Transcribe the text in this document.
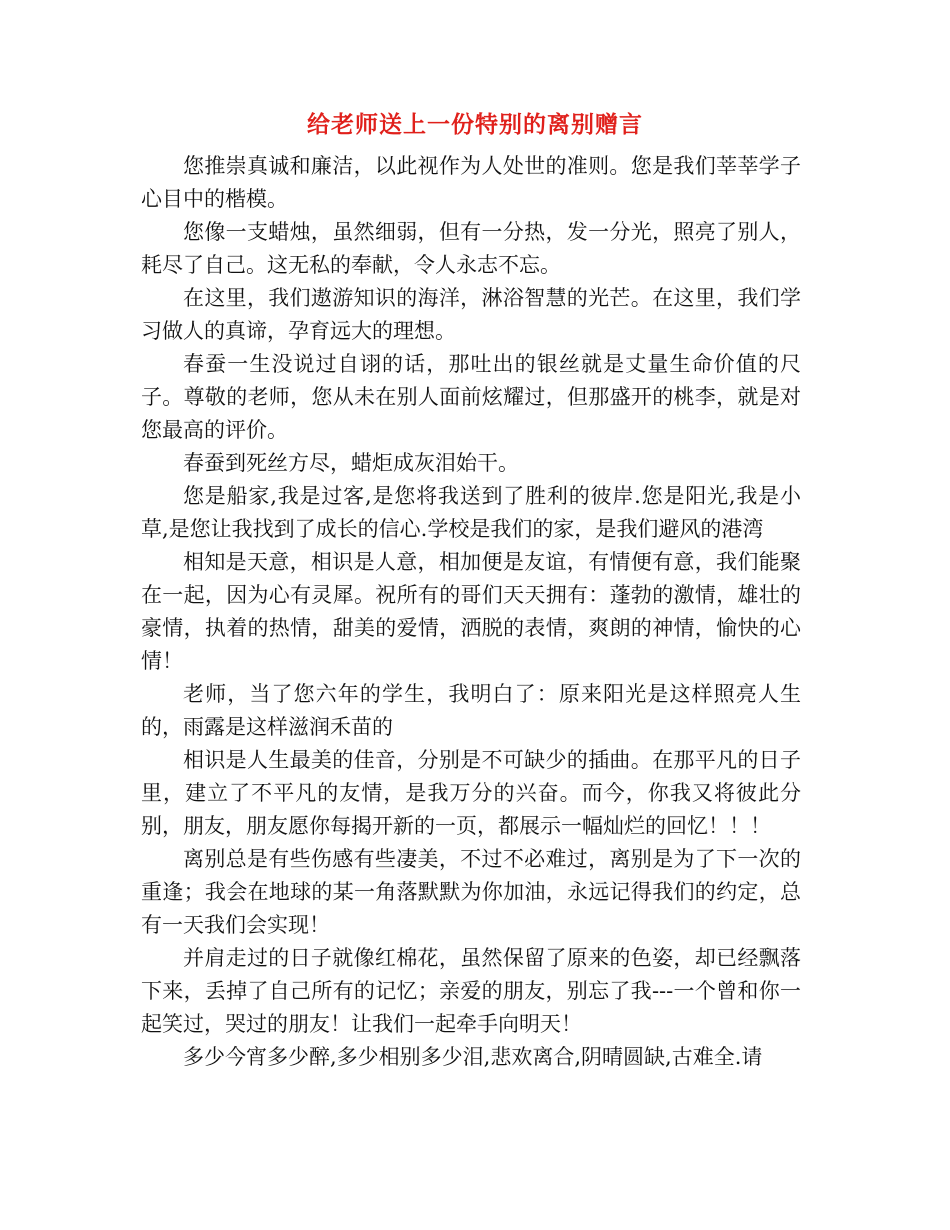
给老师送上一份特别的离别赠言

您推崇真诚和廉洁，以此视作为人处世的准则。您是我们莘莘学子心目中的楷模。

您像一支蜡烛，虽然细弱，但有一分热，发一分光，照亮了别人，耗尽了自己。这无私的奉献，令人永志不忘。

在这里，我们遨游知识的海洋，淋浴智慧的光芒。在这里，我们学习做人的真谛，孕育远大的理想。

春蚕一生没说过自诩的话，那吐出的银丝就是丈量生命价值的尺子。尊敬的老师，您从未在别人面前炫耀过，但那盛开的桃李，就是对您最高的评价。

春蚕到死丝方尽，蜡炬成灰泪始干。

您是船家,我是过客,是您将我送到了胜利的彼岸.您是阳光,我是小草,是您让我找到了成长的信心.学校是我们的家，是我们避风的港湾

相知是天意，相识是人意，相加便是友谊，有情便有意，我们能聚在一起，因为心有灵犀。祝所有的哥们天天拥有：蓬勃的激情，雄壮的豪情，执着的热情，甜美的爱情，洒脱的表情，爽朗的神情，愉快的心情！

老师，当了您六年的学生，我明白了：原来阳光是这样照亮人生的，雨露是这样滋润禾苗的

相识是人生最美的佳音，分别是不可缺少的插曲。在那平凡的日子里，建立了不平凡的友情，是我万分的兴奋。而今，你我又将彼此分别，朋友，朋友愿你每揭开新的一页，都展示一幅灿烂的回忆！！！

离别总是有些伤感有些凄美，不过不必难过，离别是为了下一次的重逢；我会在地球的某一角落默默为你加油，永远记得我们的约定，总有一天我们会实现！

并肩走过的日子就像红棉花，虽然保留了原来的色姿，却已经飘落下来，丢掉了自己所有的记忆；亲爱的朋友，别忘了我---一个曾和你一起笑过，哭过的朋友！让我们一起牵手向明天！

多少今宵多少醉,多少相别多少泪,悲欢离合,阴晴圆缺,古难全.请
